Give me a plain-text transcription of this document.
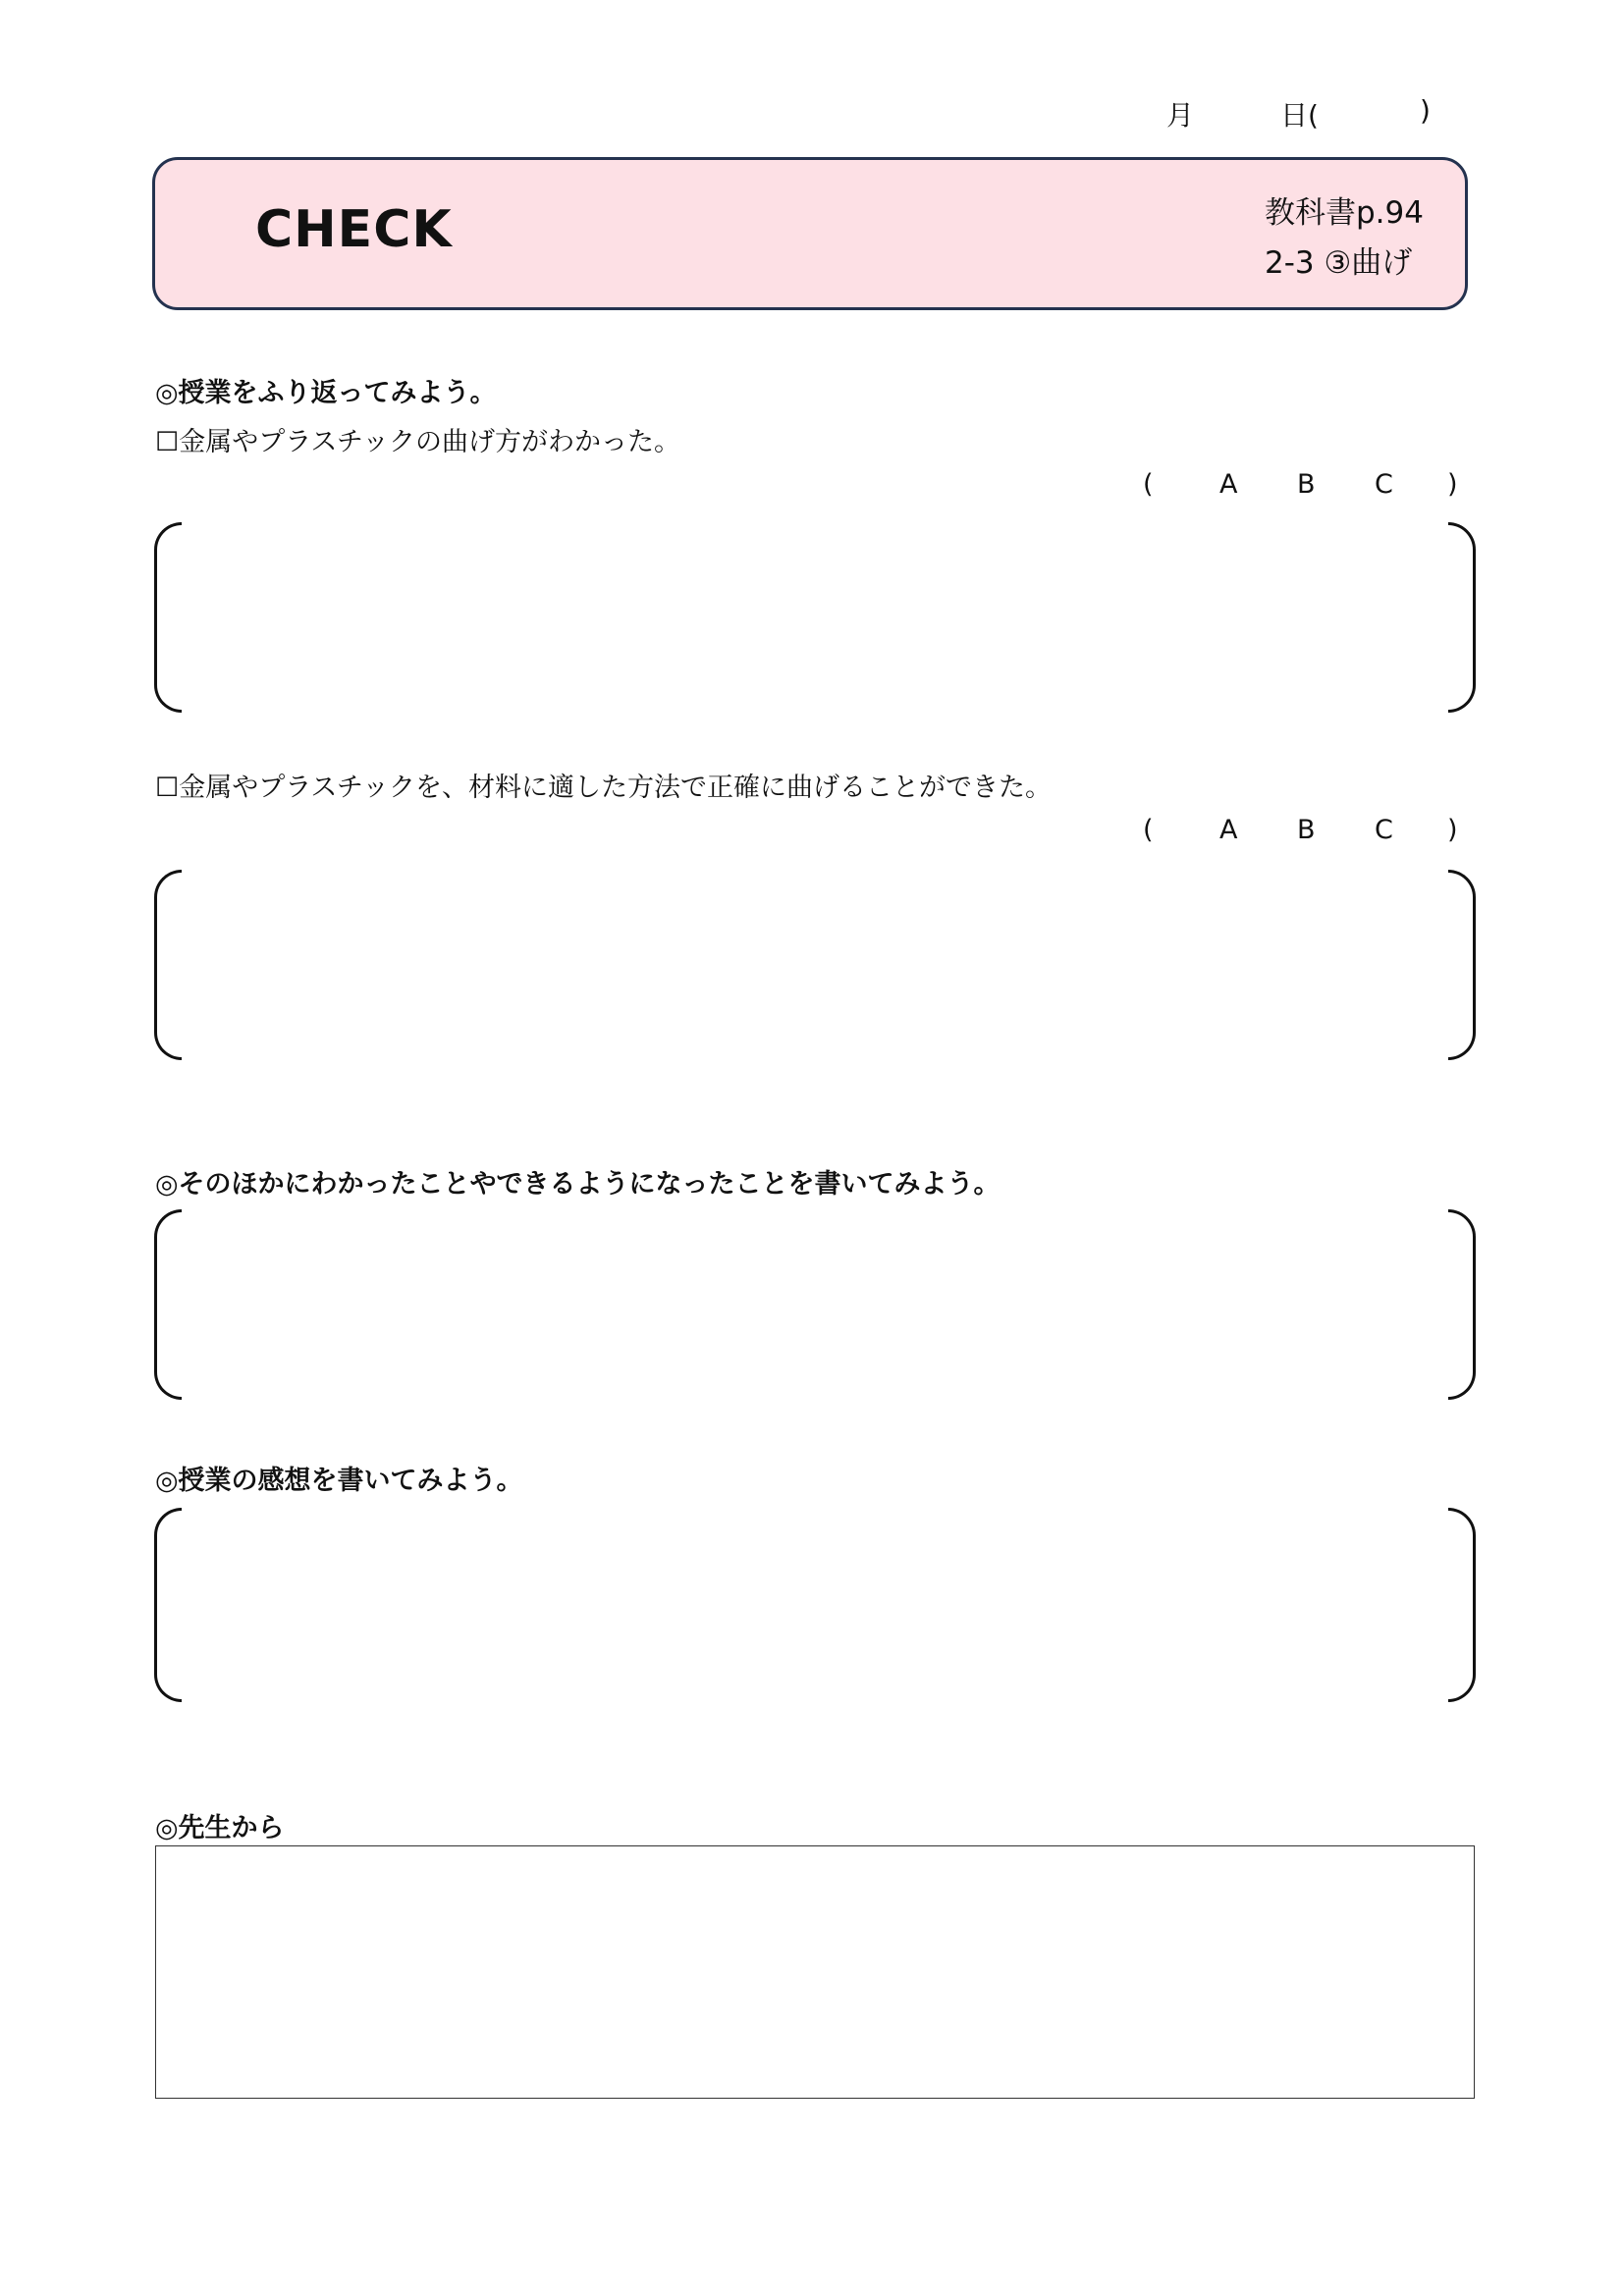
月	日(	)
CHECK	教科書p.94
2-3 ③曲げ
◎授業をふり返ってみよう。
☐金属やプラスチックの曲げ方がわかった。
( A B C )
☐金属やプラスチックを、材料に適した方法で正確に曲げることができた。
( A B C )
◎そのほかにわかったことやできるようになったことを書いてみよう。
◎授業の感想を書いてみよう。
◎先生から
